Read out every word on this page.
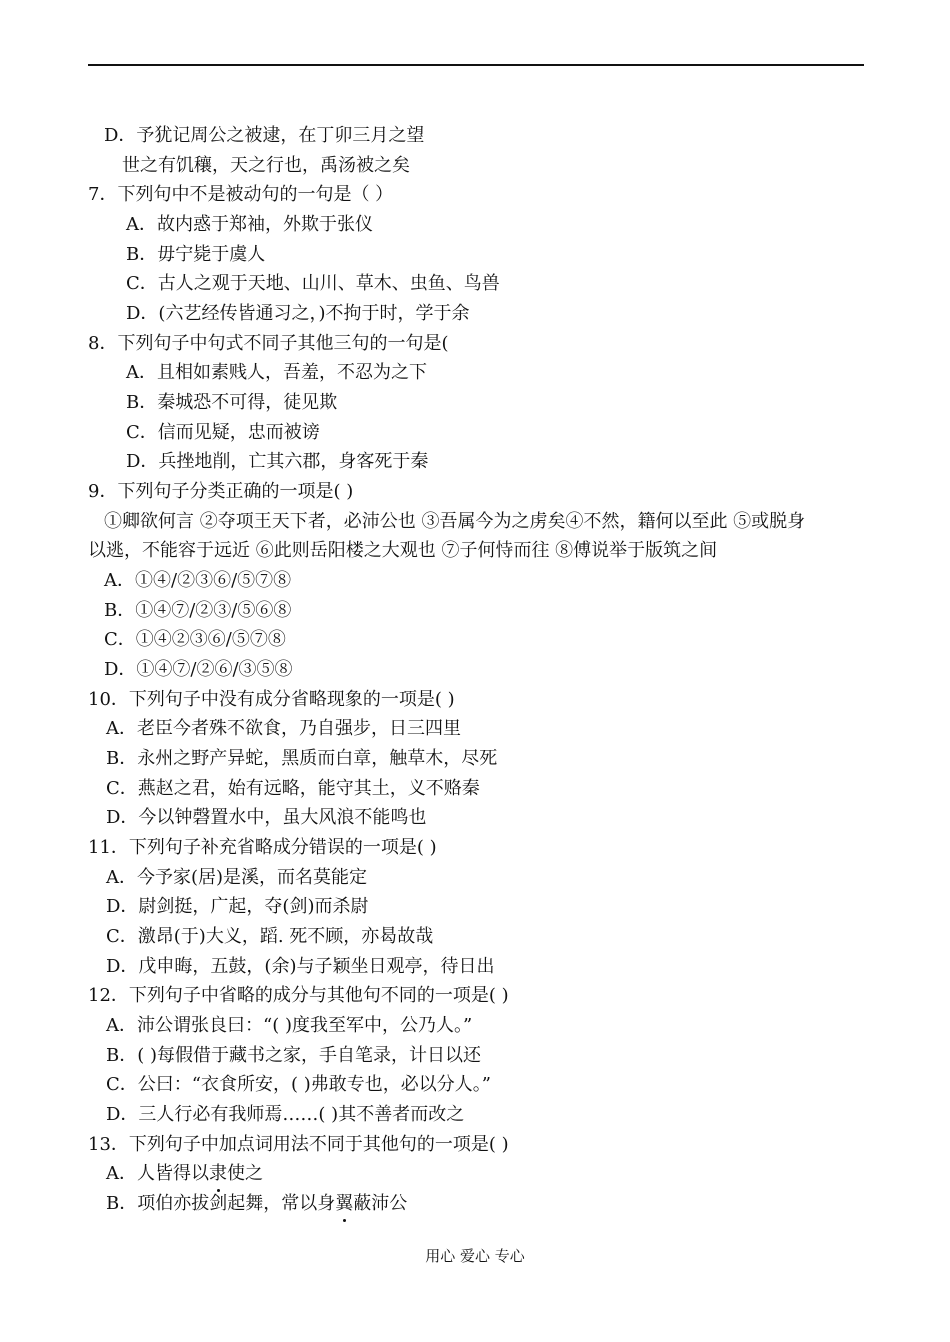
D．予犹记周公之被逮，在丁卯三月之望
世之有饥穰，天之行也，禹汤被之矣
7．下列句中不是被动句的一句是（ ）
A．故内惑于郑袖，外欺于张仪
B．毋宁毙于虞人
C．古人之观于天地、山川、草木、虫鱼、鸟兽
D．(六艺经传皆通习之，)不拘于时，学于余
8．下列句子中句式不同子其他三句的一句是(
A．且相如素贱人，吾羞，不忍为之下
B．秦城恐不可得，徒见欺
C．信而见疑，忠而被谤
D．兵挫地削，亡其六郡，身客死于秦
9．下列句子分类正确的一项是( )
①卿欲何言 ②夺项王天下者，必沛公也 ③吾属今为之虏矣④不然，籍何以至此 ⑤或脱身
以逃，不能容于远近 ⑥此则岳阳楼之大观也 ⑦子何恃而往 ⑧傅说举于版筑之间
A．①④/②③⑥/⑤⑦⑧
B．①④⑦/②③/⑤⑥⑧
C．①④②③⑥/⑤⑦⑧
D．①④⑦/②⑥/③⑤⑧
10．下列句子中没有成分省略现象的一项是( )
A．老臣今者殊不欲食，乃自强步，日三四里
B．永州之野产异蛇，黑质而白章，触草木，尽死
C．燕赵之君，始有远略，能守其土，义不赂秦
D．今以钟磬置水中，虽大风浪不能鸣也
11．下列句子补充省略成分错误的一项是( )
A．今予家(居)是溪，而名莫能定
D．尉剑挺，广起，夺(剑)而杀尉
C．激昂(于)大义，蹈. 死不顾，亦曷故哉
D．戊申晦，五鼓，(余)与子颖坐日观亭，待日出
12．下列句子中省略的成分与其他句不同的一项是( )
A．沛公谓张良曰：“( )度我至军中，公乃人。”
B．( )每假借于藏书之家，手自笔录，计日以还
C．公曰：“衣食所安，( )弗敢专也，必以分人。”
D．三人行必有我师焉……( )其不善者而改之
13．下列句子中加点词用法不同于其他句的一项是( )
A．人皆得以隶使之
B．项伯亦拔剑起舞，常以身翼蔽沛公
用心 爱心 专心
